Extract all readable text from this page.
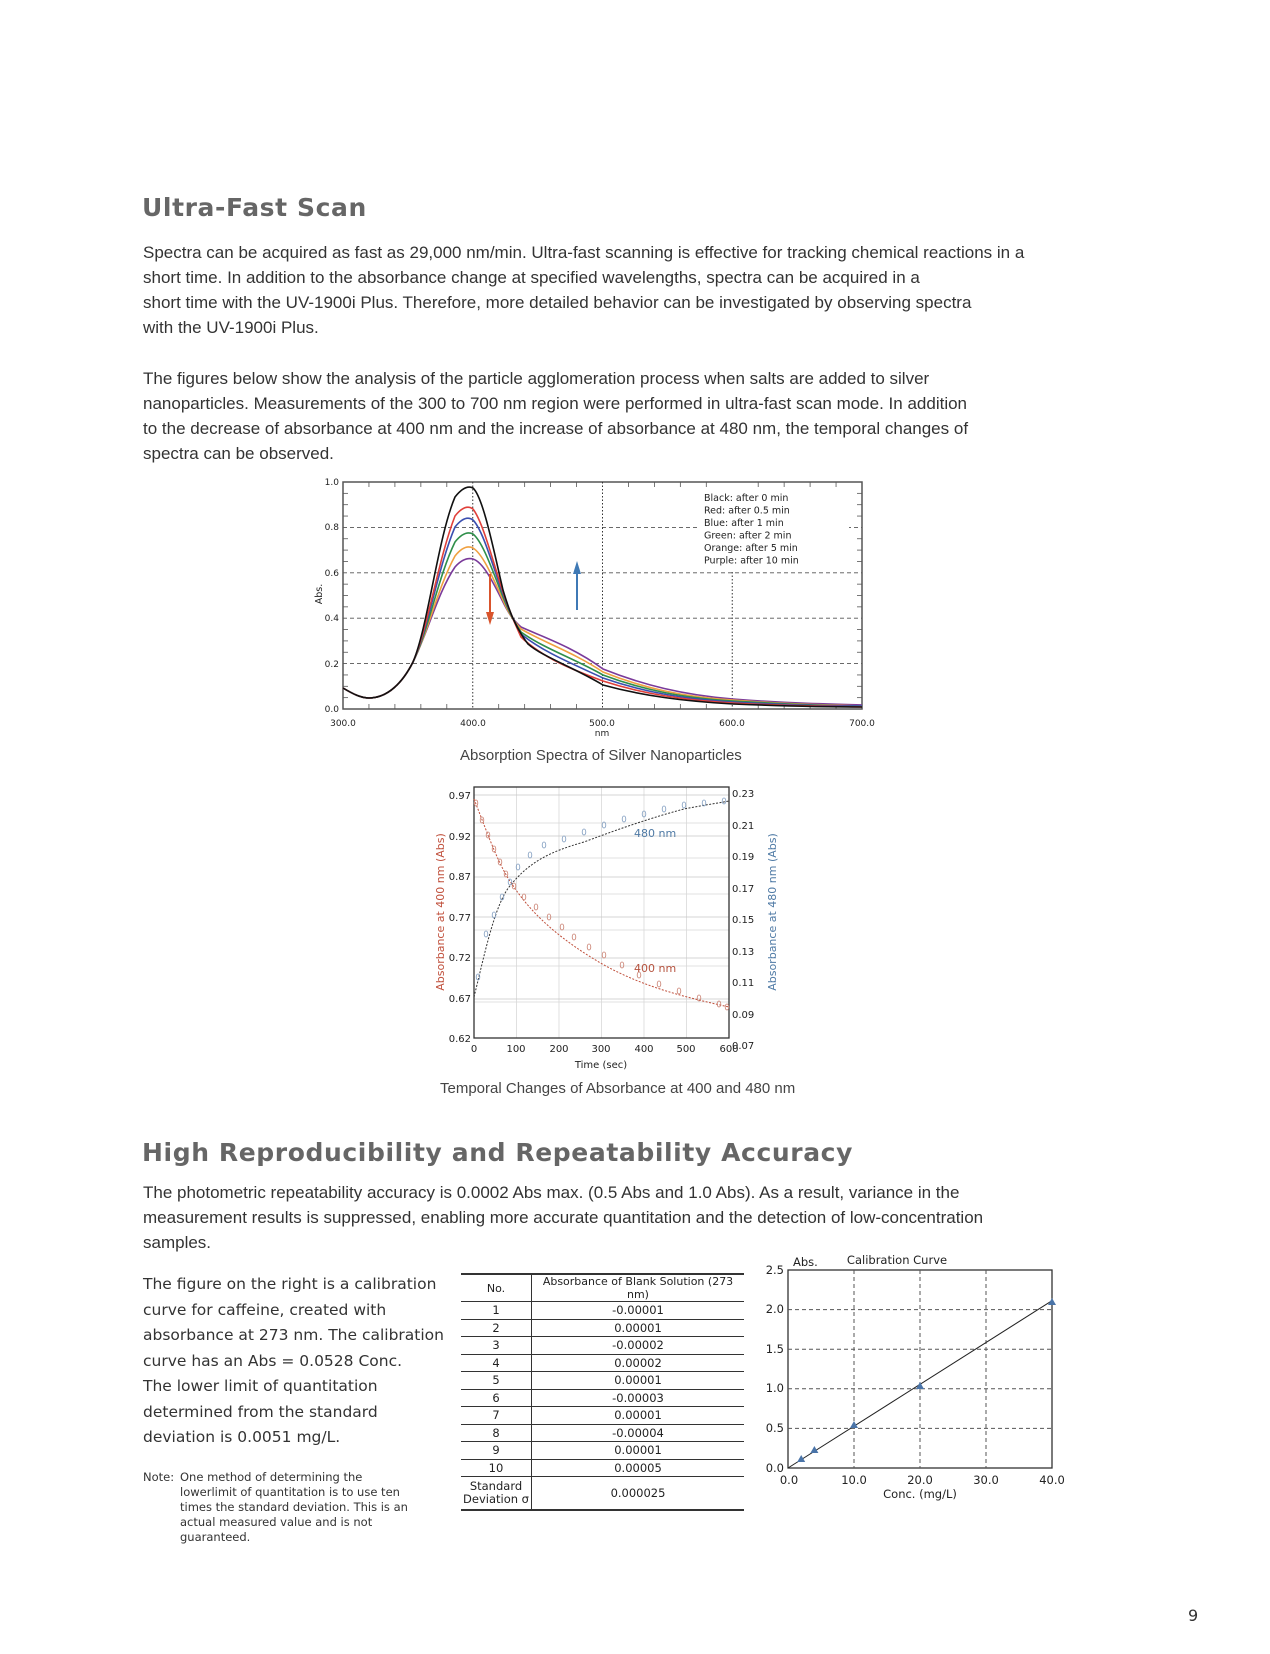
Ultra-Fast Scan

Spectra can be acquired as fast as 29,000 nm/min. Ultra-fast scanning is effective for tracking chemical reactions in a

short time. In addition to the absorbance change at specified wavelengths, spectra can be acquired in a

short time with the UV-1900i Plus. Therefore, more detailed behavior can be investigated by observing spectra

with the UV-1900i Plus.

The figures below show the analysis of the particle agglomeration process when salts are added to silver

nanoparticles. Measurements of the 300 to 700 nm region were performed in ultra-fast scan mode. In addition

to the decrease of absorbance at 400 nm and the increase of absorbance at 480 nm, the temporal changes of

spectra can be observed.

Black: after 0 min
Red: after 0.5 min
Blue: after 1 min
Green: after 2 min
Orange: after 5 min
Purple: after 10 min
0.0
0.2
0.4
0.6
0.8
1.0
Abs.
300.0	400.0	500.0	600.0	700.0
nm
Absorption Spectra of Silver Nanoparticles
480 nm
400 nm
0.62
0.67
0.72
0.77
0.87
0.92
0.97
0.07
0.09
0.11
0.13
0.15
0.17
0.19
0.21
0.23
0	100 200 300 400 500 600
Time (sec)
Absorbance at 400 nm (Abs)	Absorbance at 480 nm (Abs)
Temporal Changes of Absorbance at 400 and 480 nm
High Reproducibility and Repeatability Accuracy

The photometric repeatability accuracy is 0.0002 Abs max. (0.5 Abs and 1.0 Abs). As a result, variance in the

measurement results is suppressed, enabling more accurate quantitation and the detection of low-concentration

samples.

The figure on the right is a calibration
curve for caffeine, created with
absorbance at 273 nm. The calibration
curve has an Abs = 0.0528 Conc.
The lower limit of quantitation
determined from the standard
deviation is 0.0051 mg/L.
Note: One method of determining the
lowerlimit of quantitation is to use ten
times the standard deviation. This is an
actual measured value and is not
guaranteed.
No.	Absorbance of Blank Solution (273 nm)
1	-0.00001
2	0.00001
3	-0.00002
4	0.00002
5	0.00001
6	-0.00003
7	0.00001
8	-0.00004
9	0.00001
10	0.00005

Standard
Deviation σ	0.000025
Calibration Curve
Abs.
0.0
0.5
1.0
1.5
2.0
2.5
0.0	10.0	20.0	30.0	40.0
Conc. (mg/L)
9
